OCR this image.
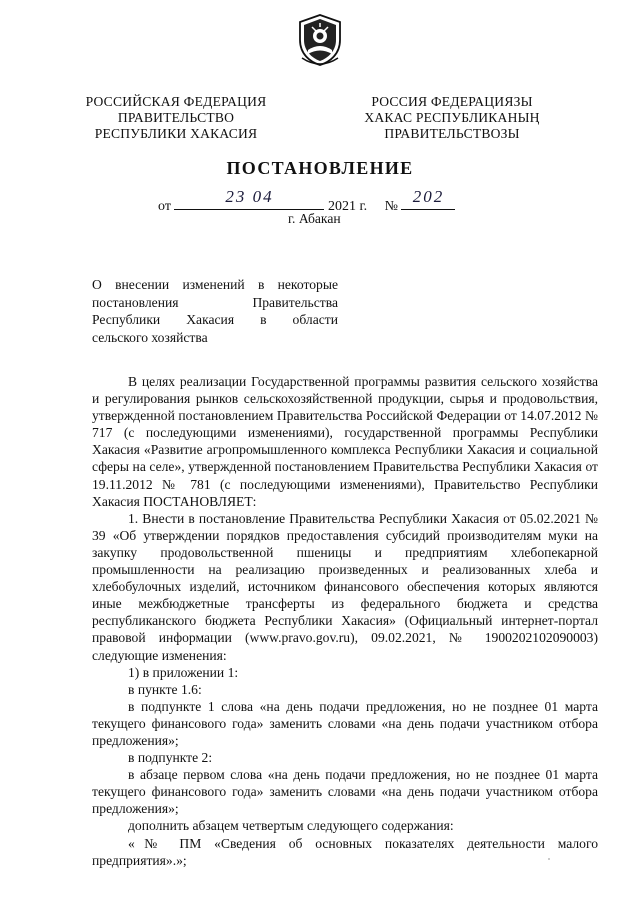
РОССИЙСКАЯ ФЕДЕРАЦИЯ
ПРАВИТЕЛЬСТВО
РЕСПУБЛИКИ ХАКАСИЯ
РОССИЯ ФЕДЕРАЦИЯЗЫ
ХАКАС РЕСПУБЛИКАНЫҢ
ПРАВИТЕЛЬСТВОЗЫ
ПОСТАНОВЛЕНИЕ
от
23 04
2021 г. №
202
г. Абакан

О внесении изменений в некоторые

постановления Правительства

Республики Хакасия в области

сельского хозяйства

В целях реализации Государственной программы развития сельского хозяйства и регулирования рынков сельскохозяйственной продукции, сырья и продовольствия, утвержденной постановлением Правительства Российской Федерации от 14.07.2012 № 717 (с последующими изменениями), государственной программы Республики Хакасия «Развитие агропромышленного комплекса Республики Хакасия и социальной сферы на селе», утвержденной постановлением Правительства Республики Хакасия от 19.11.2012 № 781 (с последующими изменениями), Правительство Республики Хакасия ПОСТАНОВЛЯЕТ:

1. Внести в постановление Правительства Республики Хакасия от 05.02.2021 № 39 «Об утверждении порядков предоставления субсидий производителям муки на закупку продовольственной пшеницы и предприятиям хлебопекарной промышленности на реализацию произведенных и реализованных хлеба и хлебобулочных изделий, источником финансового обеспечения которых являются иные межбюджетные трансферты из федерального бюджета и средства республиканского бюджета Республики Хакасия» (Официальный интернет-портал правовой информации (www.pravo.gov.ru), 09.02.2021, № 1900202102090003) следующие изменения:

1) в приложении 1:

в пункте 1.6:

в подпункте 1 слова «на день подачи предложения, но не позднее 01 марта текущего финансового года» заменить словами «на день подачи участником отбора предложения»;

в подпункте 2:

в абзаце первом слова «на день подачи предложения, но не позднее 01 марта текущего финансового года» заменить словами «на день подачи участником отбора предложения»;

дополнить абзацем четвертым следующего содержания:

«№ ПМ «Сведения об основных показателях деятельности малого предприятия».»;
